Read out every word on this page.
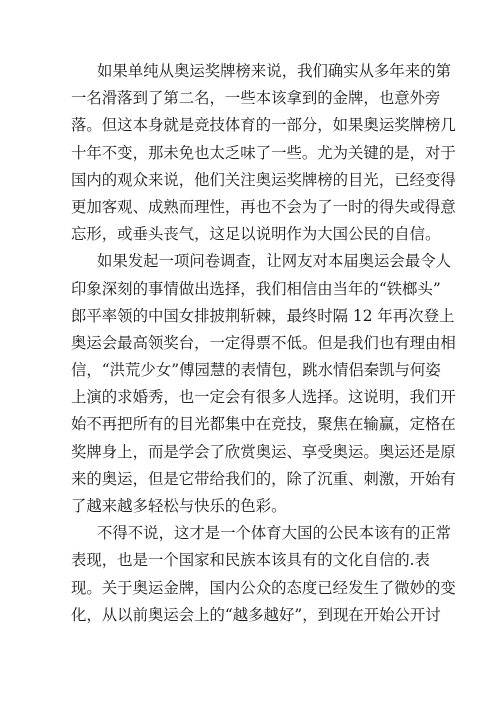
如果单纯从奥运奖牌榜来说，我们确实从多年来的第
一名滑落到了第二名，一些本该拿到的金牌，也意外旁
落。但这本身就是竞技体育的一部分，如果奥运奖牌榜几
十年不变，那未免也太乏味了一些。尤为关键的是，对于
国内的观众来说，他们关注奥运奖牌榜的目光，已经变得
更加客观、成熟而理性，再也不会为了一时的得失或得意
忘形，或垂头丧气，这足以说明作为大国公民的自信。
如果发起一项问卷调查，让网友对本届奥运会最令人
印象深刻的事情做出选择，我们相信由当年的“铁榔头”
郎平率领的中国女排披荆斩棘，最终时隔 12 年再次登上
奥运会最高领奖台，一定得票不低。但是我们也有理由相
信，“洪荒少女”傅园慧的表情包，跳水情侣秦凯与何姿
上演的求婚秀，也一定会有很多人选择。这说明，我们开
始不再把所有的目光都集中在竞技，聚焦在输赢，定格在
奖牌身上，而是学会了欣赏奥运、享受奥运。奥运还是原
来的奥运，但是它带给我们的，除了沉重、刺激，开始有
了越来越多轻松与快乐的色彩。
不得不说，这才是一个体育大国的公民本该有的正常
表现，也是一个国家和民族本该具有的文化自信的.表
现。关于奥运金牌，国内公众的态度已经发生了微妙的变
化，从以前奥运会上的“越多越好”，到现在开始公开讨
